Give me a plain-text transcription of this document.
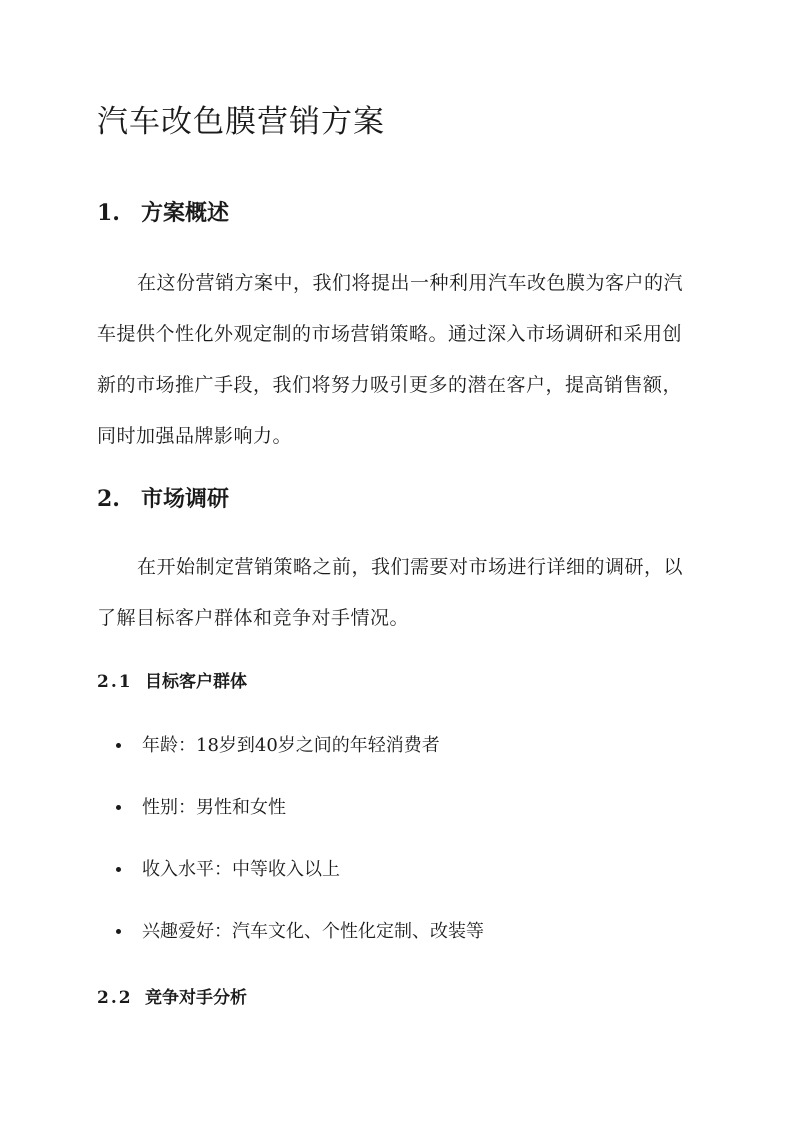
汽车改色膜营销方案
1. 方案概述

在这份营销方案中，我们将提出一种利用汽车改色膜为客户的汽车提供个性化外观定制的市场营销策略。通过深入市场调研和采用创新的市场推广手段，我们将努力吸引更多的潜在客户，提高销售额，同时加强品牌影响力。

2. 市场调研

在开始制定营销策略之前，我们需要对市场进行详细的调研，以了解目标客户群体和竞争对手情况。

2.1 目标客户群体
年龄：18岁到40岁之间的年轻消费者
性别：男性和女性
收入水平：中等收入以上
兴趣爱好：汽车文化、个性化定制、改装等
2.2 竞争对手分析
